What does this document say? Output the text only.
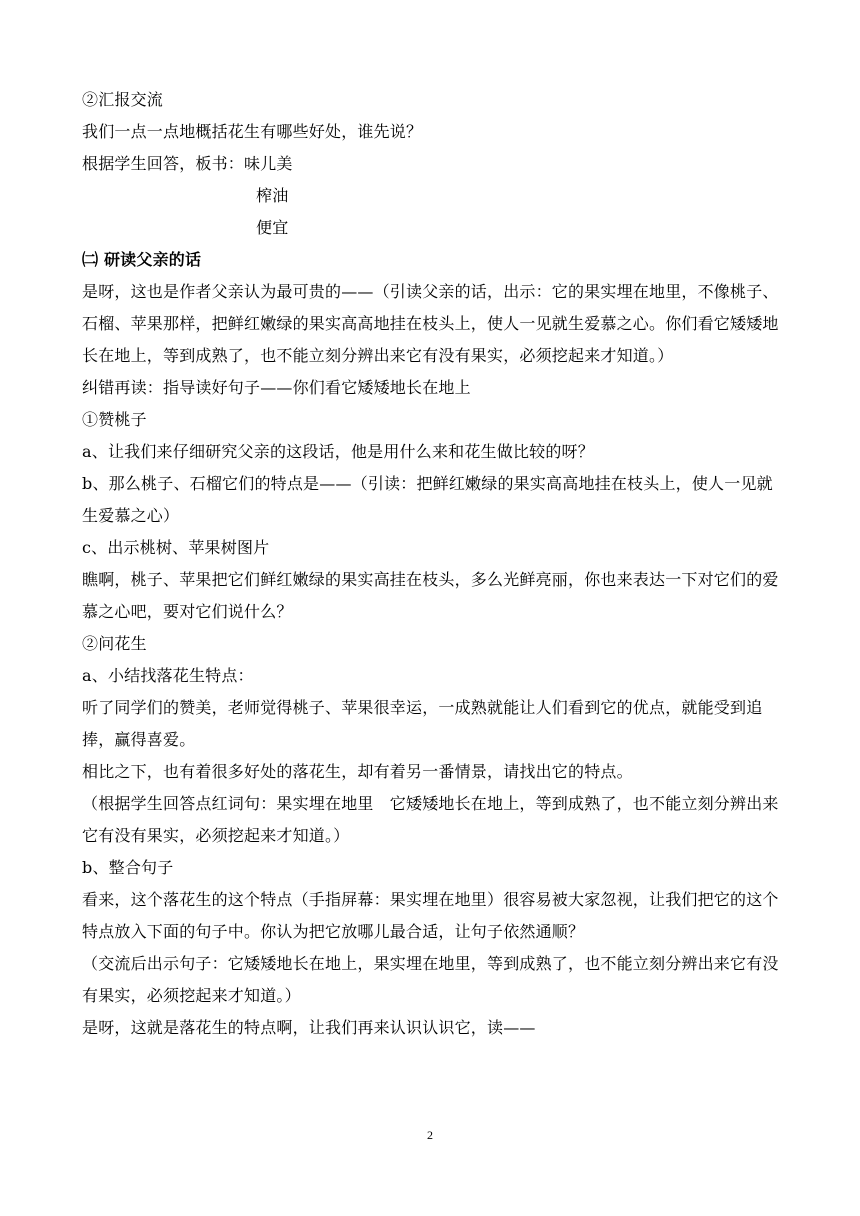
②汇报交流

我们一点一点地概括花生有哪些好处，谁先说？

根据学生回答，板书：味儿美

榨油

便宜

㈡ 研读父亲的话

是呀，这也是作者父亲认为最可贵的——（引读父亲的话，出示：它的果实埋在地里，不像桃子、石榴、苹果那样，把鲜红嫩绿的果实高高地挂在枝头上，使人一见就生爱慕之心。你们看它矮矮地长在地上，等到成熟了，也不能立刻分辨出来它有没有果实，必须挖起来才知道。）

纠错再读：指导读好句子——你们看它矮矮地长在地上

①赞桃子

a、让我们来仔细研究父亲的这段话，他是用什么来和花生做比较的呀？

b、那么桃子、石榴它们的特点是——（引读：把鲜红嫩绿的果实高高地挂在枝头上，使人一见就生爱慕之心）

c、出示桃树、苹果树图片

瞧啊，桃子、苹果把它们鲜红嫩绿的果实高挂在枝头，多么光鲜亮丽，你也来表达一下对它们的爱慕之心吧，要对它们说什么？

②问花生

a、小结找落花生特点：

听了同学们的赞美，老师觉得桃子、苹果很幸运，一成熟就能让人们看到它的优点，就能受到追捧，赢得喜爱。

相比之下，也有着很多好处的落花生，却有着另一番情景，请找出它的特点。

（根据学生回答点红词句：果实埋在地里　它矮矮地长在地上，等到成熟了，也不能立刻分辨出来它有没有果实，必须挖起来才知道。）

b、整合句子

看来，这个落花生的这个特点（手指屏幕：果实埋在地里）很容易被大家忽视，让我们把它的这个特点放入下面的句子中。你认为把它放哪儿最合适，让句子依然通顺？

（交流后出示句子：它矮矮地长在地上，果实埋在地里，等到成熟了，也不能立刻分辨出来它有没有果实，必须挖起来才知道。）

是呀，这就是落花生的特点啊，让我们再来认识认识它，读——

2
